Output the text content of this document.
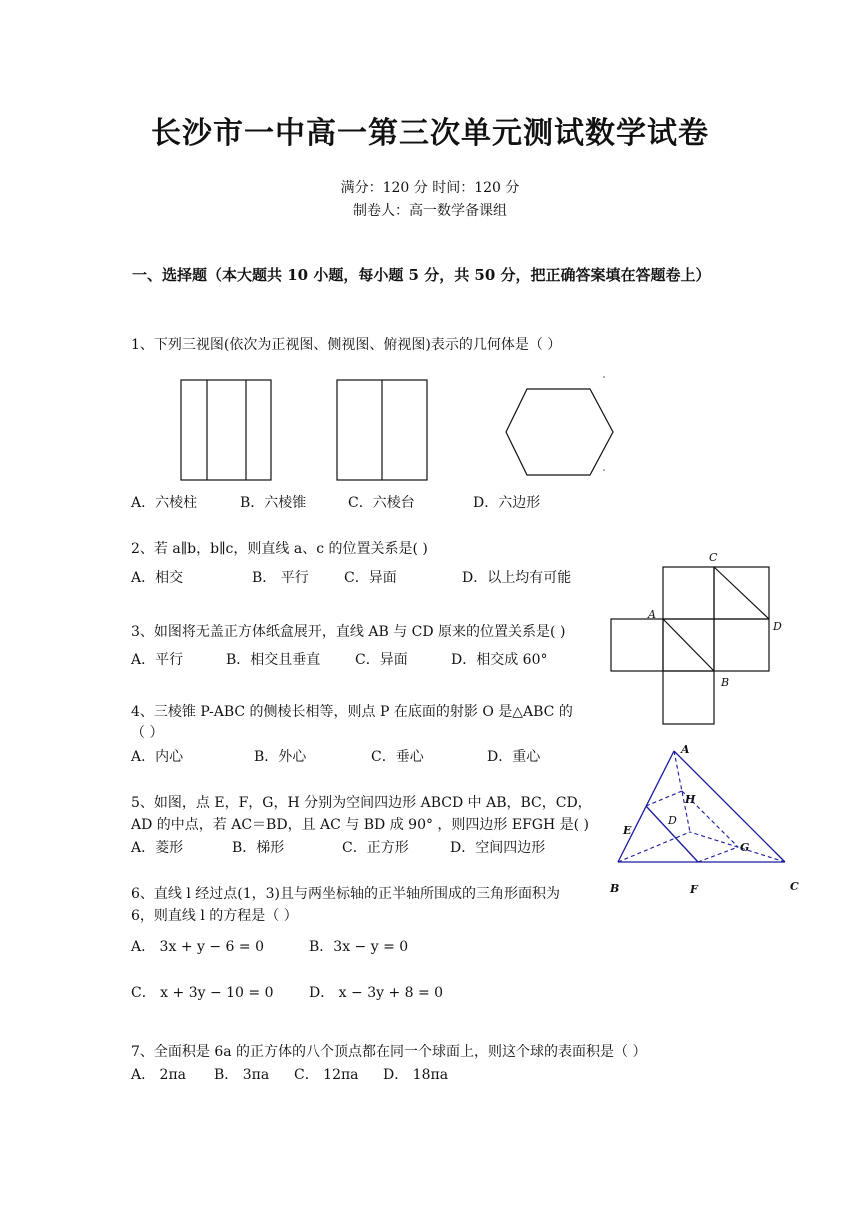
长沙市一中高一第三次单元测试数学试卷
满分：120 分 时间：120 分
制卷人：高一数学备课组
一、选择题（本大题共 10 小题，每小题 5 分，共 50 分，把正确答案填在答题卷上）
1、下列三视图(依次为正视图、侧视图、俯视图)表示的几何体是（ ）
A．六棱柱	B．六棱锥	C．六棱台	D．六边形
2、若 a∥b，b∥c，则直线 a、c 的位置关系是( )
A．相交	B． 平行	C．异面	D．以上均有可能
C
A
D
B
3、如图将无盖正方体纸盒展开，直线 AB 与 CD 原来的位置关系是( )
A．平行	B．相交且垂直 C．异面	D．相交成 60°
4、三棱锥 P-ABC 的侧棱长相等，则点 P 在底面的射影 O 是△ABC 的
（ ）
A．内心	B．外心	C．垂心	D．重心	A
H
D
E
G
B	F	C
5、如图，点 E，F，G，H 分别为空间四边形 ABCD 中 AB，BC，CD，
AD 的中点，若 AC＝BD，且 AC 与 BD 成 90° ，则四边形 EFGH 是( )
A．菱形	B．梯形	C．正方形	D．空间四边形
6、直线 l 经过点(1，3)且与两坐标轴的正半轴所围成的三角形面积为
6，则直线 l 的方程是（ ）
A． 3x + y − 6 = 0	B．3x − y = 0
C． x + 3y − 10 = 0	D． x − 3y + 8 = 0
7、全面积是 6a 的正方体的八个顶点都在同一个球面上，则这个球的表面积是（ ）
A． 2πa B． 3πa C． 12πa D． 18πa
